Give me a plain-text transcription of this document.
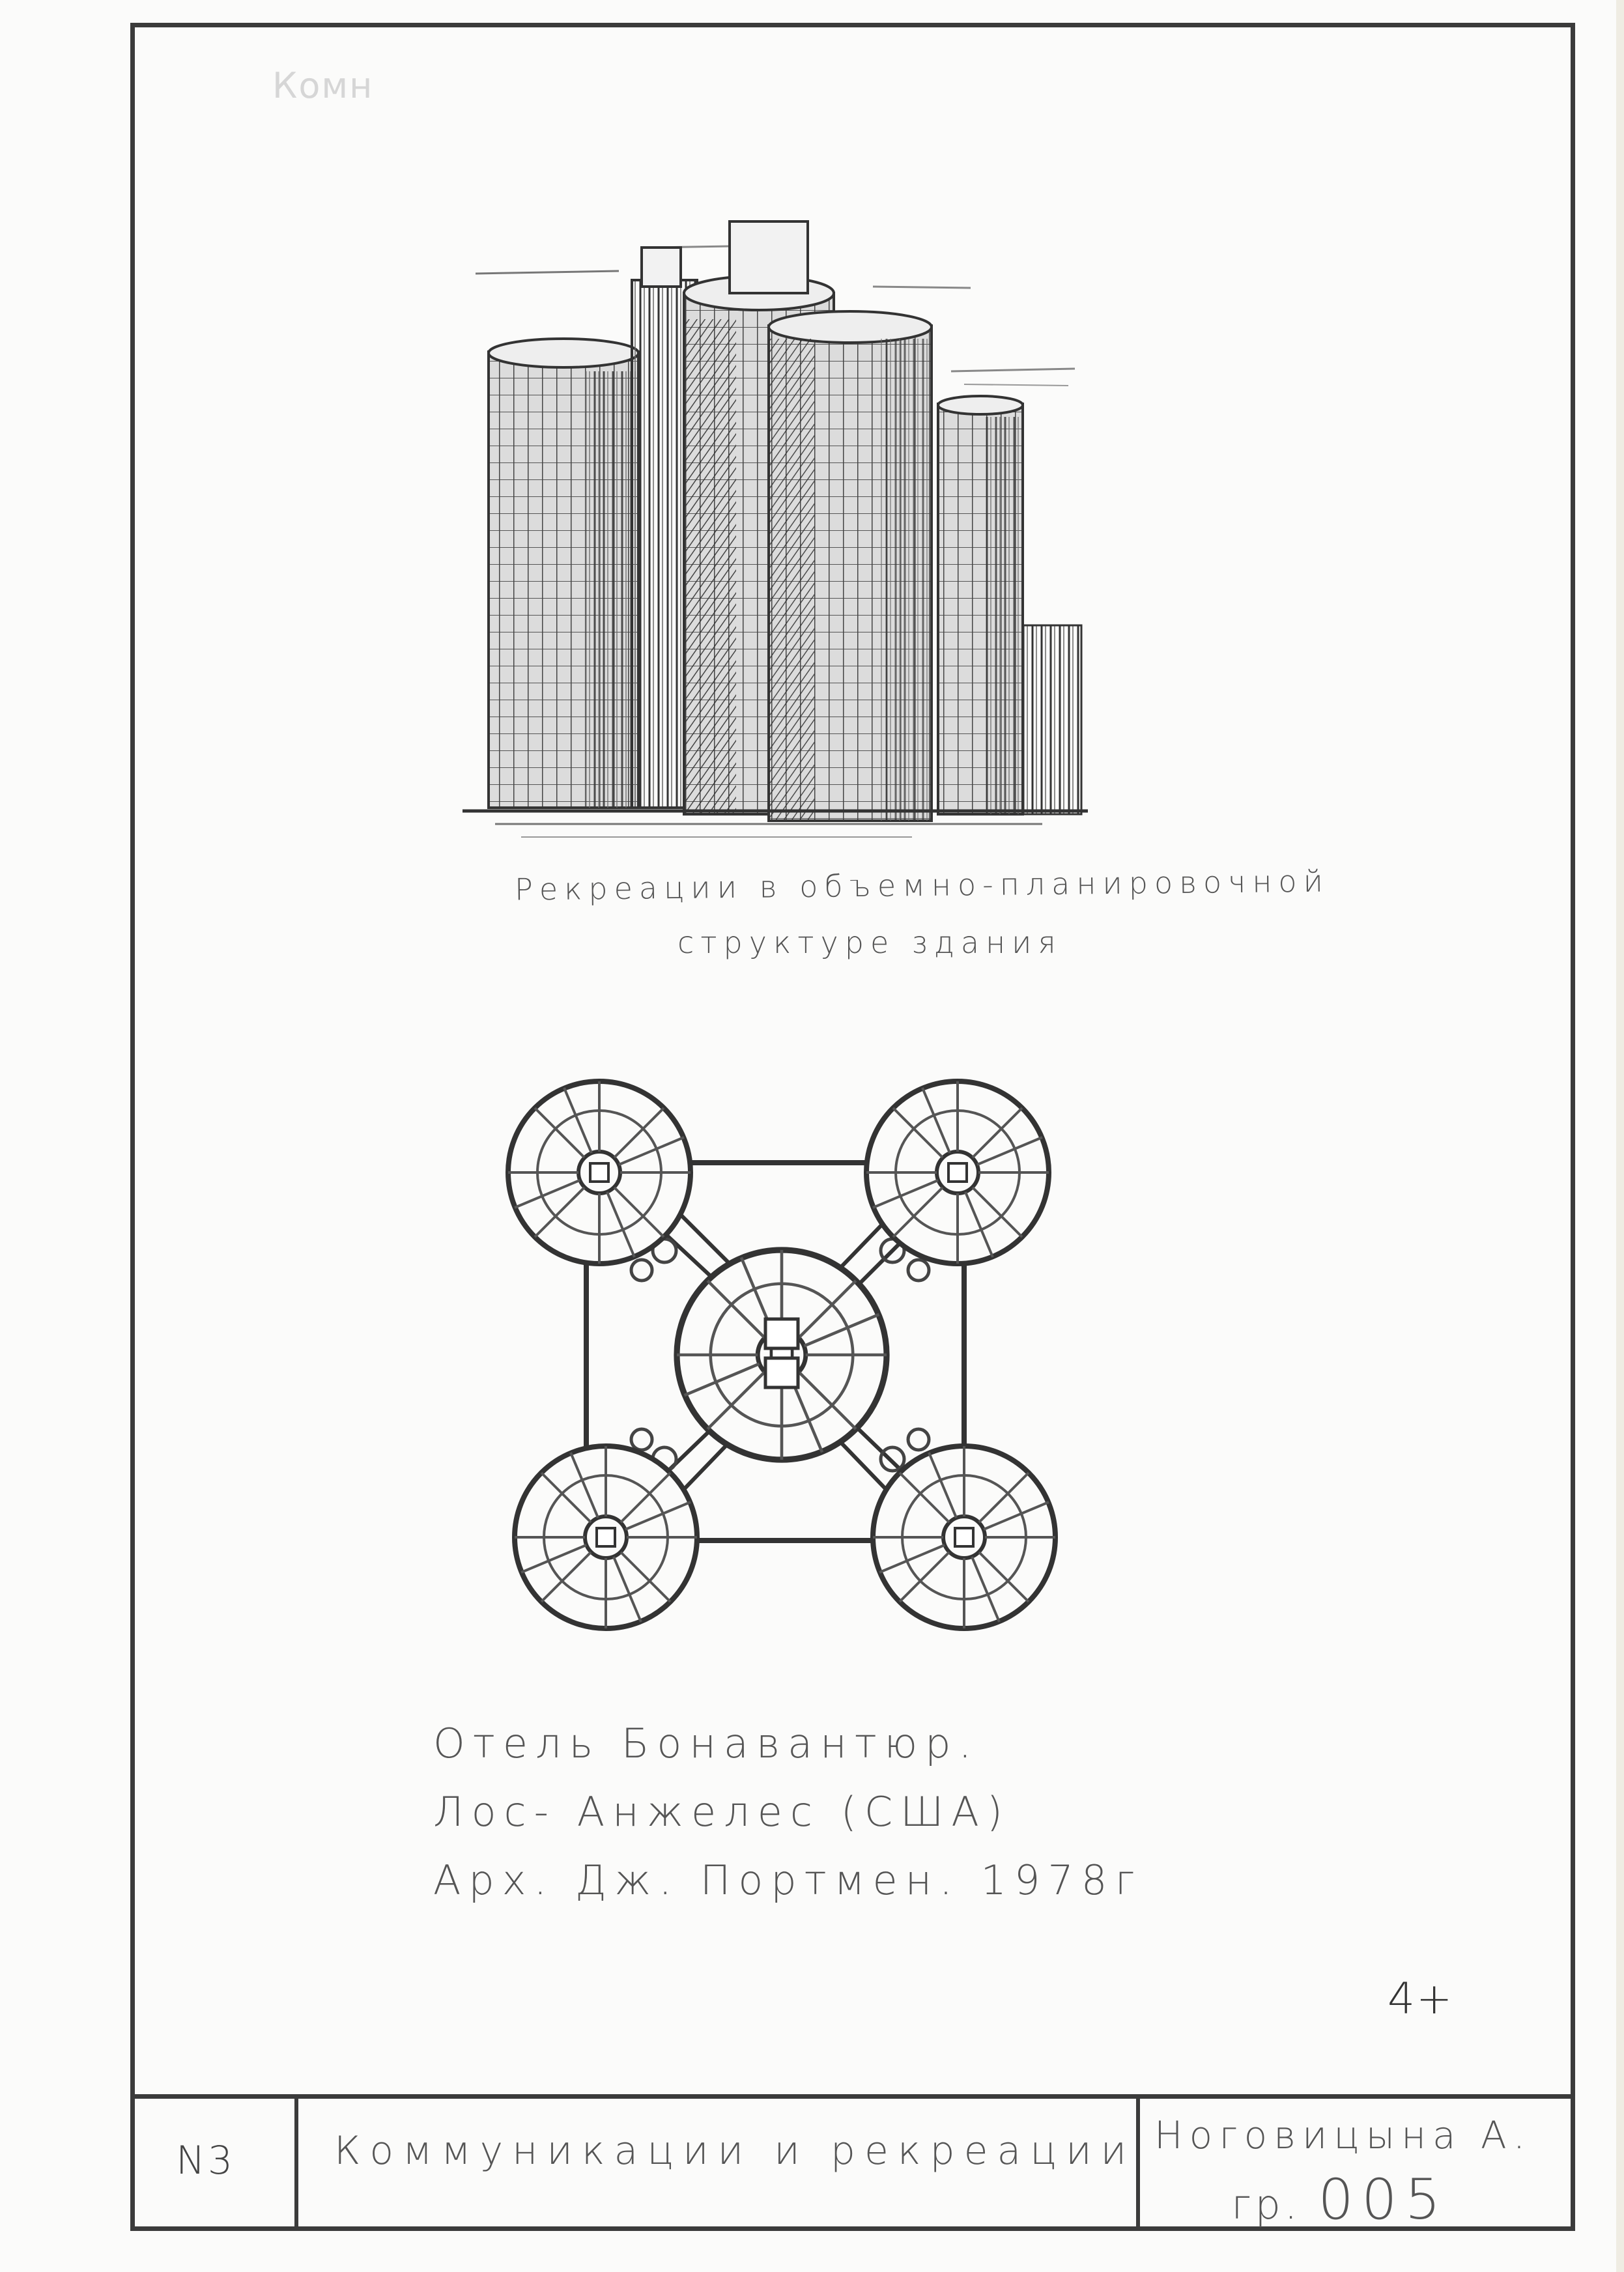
Комн
Рекреации в объемно-планировочной
структуре здания
Отель Бонавантюр.
Лос- Анжелес (США)
Арх. Дж. Портмен. 1978г
4+
N3	Коммуникации и рекреации Ноговицына А.
гр. 005
